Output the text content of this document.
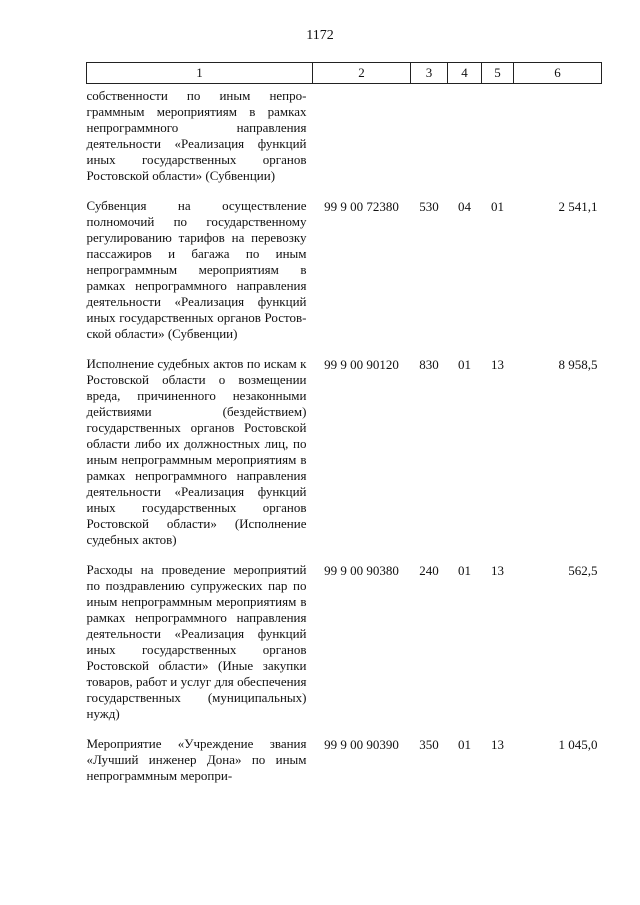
1172
1	2	3	4	5	6
собственности по иным непрограммным мероприятиям в рамках непрограммного направления деятельности «Реализация функций иных государственных органов Ростовской области» (Субвенции)					

Субвенция на осуществление полномочий по государственному регулированию тарифов на перевозку пассажиров и багажа по иным непрограммным мероприятиям в рамках непрограммного направления деятельности «Реализация функций иных государственных органов Ростовской области» (Субвенции)	99 9 00 72380	530	04	01	2 541,1

Исполнение судебных актов по искам к Ростовской области о возмещении вреда, причиненного незаконными действиями (бездействием) государственных органов Ростовской области либо их должностных лиц, по иным непрограммным мероприятиям в рамках непрограммного направления деятельности «Реализация функций иных государственных органов Ростовской области» (Исполнение судебных актов)	99 9 00 90120	830	01	13	8 958,5

Расходы на проведение мероприятий по поздравлению супружеских пар по иным непрограммным мероприятиям в рамках непрограммного направления деятельности «Реализация функций иных государственных органов Ростовской области» (Иные закупки товаров, работ и услуг для обеспечения государственных (муниципальных) нужд)	99 9 00 90380	240	01	13	562,5

Мероприятие «Учреждение звания «Лучший инженер Дона» по иным непрограммным меропри-	99 9 00 90390	350	01	13	1 045,0
